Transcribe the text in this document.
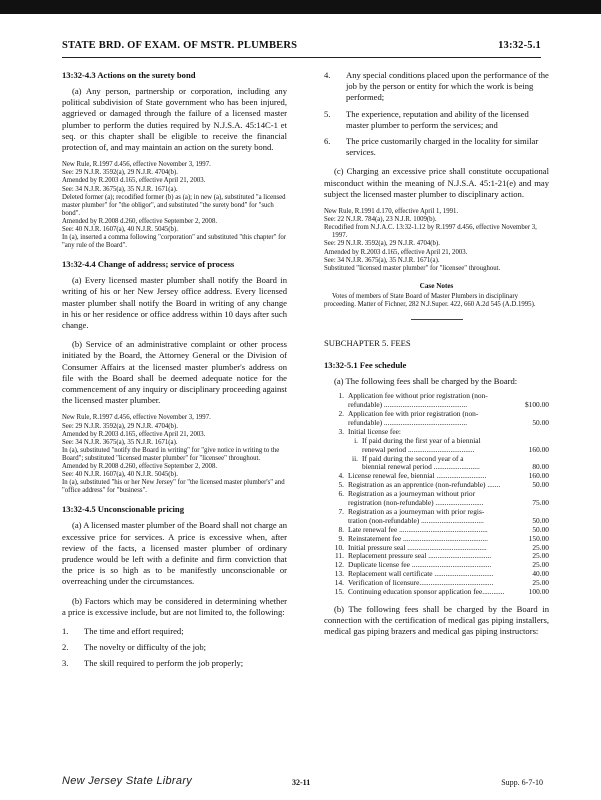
STATE BRD. OF EXAM. OF MSTR. PLUMBERS	13:32-5.1
13:32-4.3 Actions on the surety bond

(a) Any person, partnership or corporation, including any political subdivision of State government who has been injured, aggrieved or damaged through the failure of a licensed master plumber to perform the duties required by N.J.S.A. 45:14C-1 et seq. or this chapter shall be eligible to receive the financial protection of, and may maintain an action on the surety bond.

New Rule, R.1997 d.456, effective November 3, 1997.
See: 29 N.J.R. 3592(a), 29 N.J.R. 4704(b).
Amended by R.2003 d.165, effective April 21, 2003.
See: 34 N.J.R. 3675(a), 35 N.J.R. 1671(a).
Deleted former (a); recodified former (b) as (a); in new (a), substituted "a licensed master plumber" for "the obligor", and substituted "the surety bond" for "such bond".
Amended by R.2008 d.260, effective September 2, 2008.
See: 40 N.J.R. 1607(a), 40 N.J.R. 5045(b).
In (a), inserted a comma following "corporation" and substituted "this chapter" for "any rule of the Board".
13:32-4.4 Change of address; service of process

(a) Every licensed master plumber shall notify the Board in writing of his or her New Jersey office address. Every licensed master plumber shall notify the Board in writing of any change in his or her residence or office address within 10 days after such change.

(b) Service of an administrative complaint or other process initiated by the Board, the Attorney General or the Division of Consumer Affairs at the licensed master plumber's address on file with the Board shall be deemed adequate notice for the commencement of any inquiry or disciplinary proceeding against the licensed master plumber.

New Rule, R.1997 d.456, effective November 3, 1997.
See: 29 N.J.R. 3592(a), 29 N.J.R. 4704(b).
Amended by R.2003 d.165, effective April 21, 2003.
See: 34 N.J.R. 3675(a), 35 N.J.R. 1671(a).
In (a), substituted "notify the Board in writing" for "give notice in writing to the Board"; substituted "licensed master plumber" for "licensee" throughout.
Amended by R.2008 d.260, effective September 2, 2008.
See: 40 N.J.R. 1607(a), 40 N.J.R. 5045(b).
In (a), substituted "his or her New Jersey" for "the licensed master plumber's" and "office address" for "business".
13:32-4.5 Unconscionable pricing

(a) A licensed master plumber of the Board shall not charge an excessive price for services. A price is excessive when, after review of the facts, a licensed master plumber of ordinary prudence would be left with a definite and firm conviction that the price is so high as to be manifestly unconscionable or overreaching under the circumstances.

(b) Factors which may be considered in determining whether a price is excessive include, but are not limited to, the following:

1. The time and effort required;
2. The novelty or difficulty of the job;
3. The skill required to perform the job properly;
4. Any special conditions placed upon the performance of the job by the person or entity for which the work is being performed;
5. The experience, reputation and ability of the licensed master plumber to perform the services; and
6. The price customarily charged in the locality for similar services.

(c) Charging an excessive price shall constitute occupational misconduct within the meaning of N.J.S.A. 45:1-21(e) and may subject the licensed master plumber to disciplinary action.

New Rule, R.1991 d.170, effective April 1, 1991.
See: 22 N.J.R. 784(a), 23 N.J.R. 1009(b).
Recodified from N.J.A.C. 13:32-1.12 by R.1997 d.456, effective November 3, 1997.
See: 29 N.J.R. 3592(a), 29 N.J.R. 4704(b).
Amended by R.2003 d.165, effective April 21, 2003.
See: 34 N.J.R. 3675(a), 35 N.J.R. 1671(a).
Substituted "licensed master plumber" for "licensee" throughout.
Case Notes
Votes of members of State Board of Master Plumbers in disciplinary proceeding. Matter of Fichner, 282 N.J.Super. 422, 660 A.2d 545 (A.D.1995).
SUBCHAPTER 5. FEES
13:32-5.1 Fee schedule

(a) The following fees shall be charged by the Board:

1. Application fee without prior registration (non-
refundable) .............................................	$100.00
2. Application fee with prior registration (non-
refundable) .............................................	50.00
3. Initial license fee:
i. If paid during the first year of a biennial
renewal period ....................................	160.00
ii. If paid during the second year of a
biennial renewal period .........................	80.00
4. License renewal fee, biennial ...........................	160.00
5. Registration as an apprentice (non-refundable) .......	50.00
6. Registration as a journeyman without prior
registration (non-refundable) ..........................	75.00
7. Registration as a journeyman with prior regis-
tration (non-refundable) ..................................	50.00
8. Late renewal fee ................................................	50.00
9. Reinstatement fee ..............................................	150.00
10. Initial pressure seal ...........................................	25.00
11. Replacement pressure seal ..................................	25.00
12. Duplicate license fee ...........................................	25.00
13. Replacement wall certificate ................................	40.00
14. Verification of licensure........................................	25.00
15. Continuing education sponsor application fee............	100.00

(b) The following fees shall be charged by the Board in connection with the certification of medical gas piping installers, medical gas piping brazers and medical gas piping instructors:

New Jersey State Library	32-11	Supp. 6-7-10
